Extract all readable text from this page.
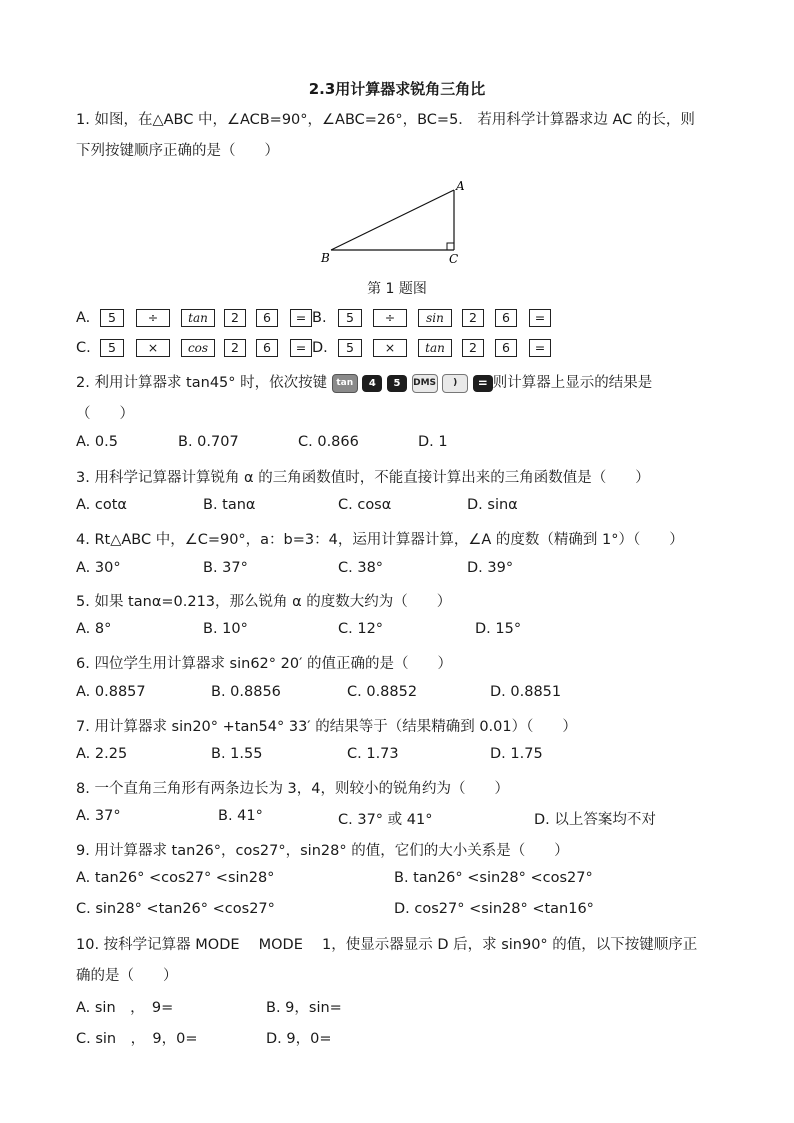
2.3用计算器求锐角三角比
1. 如图，在△ABC 中，∠ACB=90°，∠ABC=26°，BC=5． 若用科学计算器求边 AC 的长，则
下列按键顺序正确的是（　　）
A
B	C
第 1 题图
A.	5	÷	tan	2	6	= B.	5	÷	sin	2	6	=
C.	5	×	cos	2	6	= D.	5	×	tan	2	6	=
2. 利用计算器求 tan45° 时，依次按键 tan 4 5 DMS ) = 则计算器上显示的结果是
（　　）
A. 0.5	B. 0.707	C. 0.866	D. 1
3. 用科学记算器计算锐角 α 的三角函数值时，不能直接计算出来的三角函数值是（　　）
A. cotα	B. tanα	C. cosα	D. sinα
4. Rt△ABC 中，∠C=90°，a：b=3：4，运用计算器计算，∠A 的度数（精确到 1°）（　　）
A. 30°	B. 37°	C. 38°	D. 39°
5. 如果 tanα=0.213，那么锐角 α 的度数大约为（　　）
A. 8°	B. 10°	C. 12°	D. 15°
6. 四位学生用计算器求 sin62° 20′ 的值正确的是（　　）
A. 0.8857	B. 0.8856	C. 0.8852	D. 0.8851
7. 用计算器求 sin20° +tan54° 33′ 的结果等于（结果精确到 0.01）（　　）
A. 2.25	B. 1.55	C. 1.73	D. 1.75
8. 一个直角三角形有两条边长为 3，4，则较小的锐角约为（　　）
A. 37°	B. 41°	C. 37° 或 41°	D. 以上答案均不对
9. 用计算器求 tan26°，cos27°，sin28° 的值，它们的大小关系是（　　）
A. tan26° <cos27° <sin28°	B. tan26° <sin28° <cos27°
C. sin28° <tan26° <cos27°	D. cos27° <sin28° <tan16°
10. 按科学记算器 MODE　 MODE　 1，使显示器显示 D 后，求 sin90° 的值，以下按键顺序正
确的是（　　）
A. sin　，　9=	B. 9，sin=
C. sin　，　9，0=	D. 9，0=
